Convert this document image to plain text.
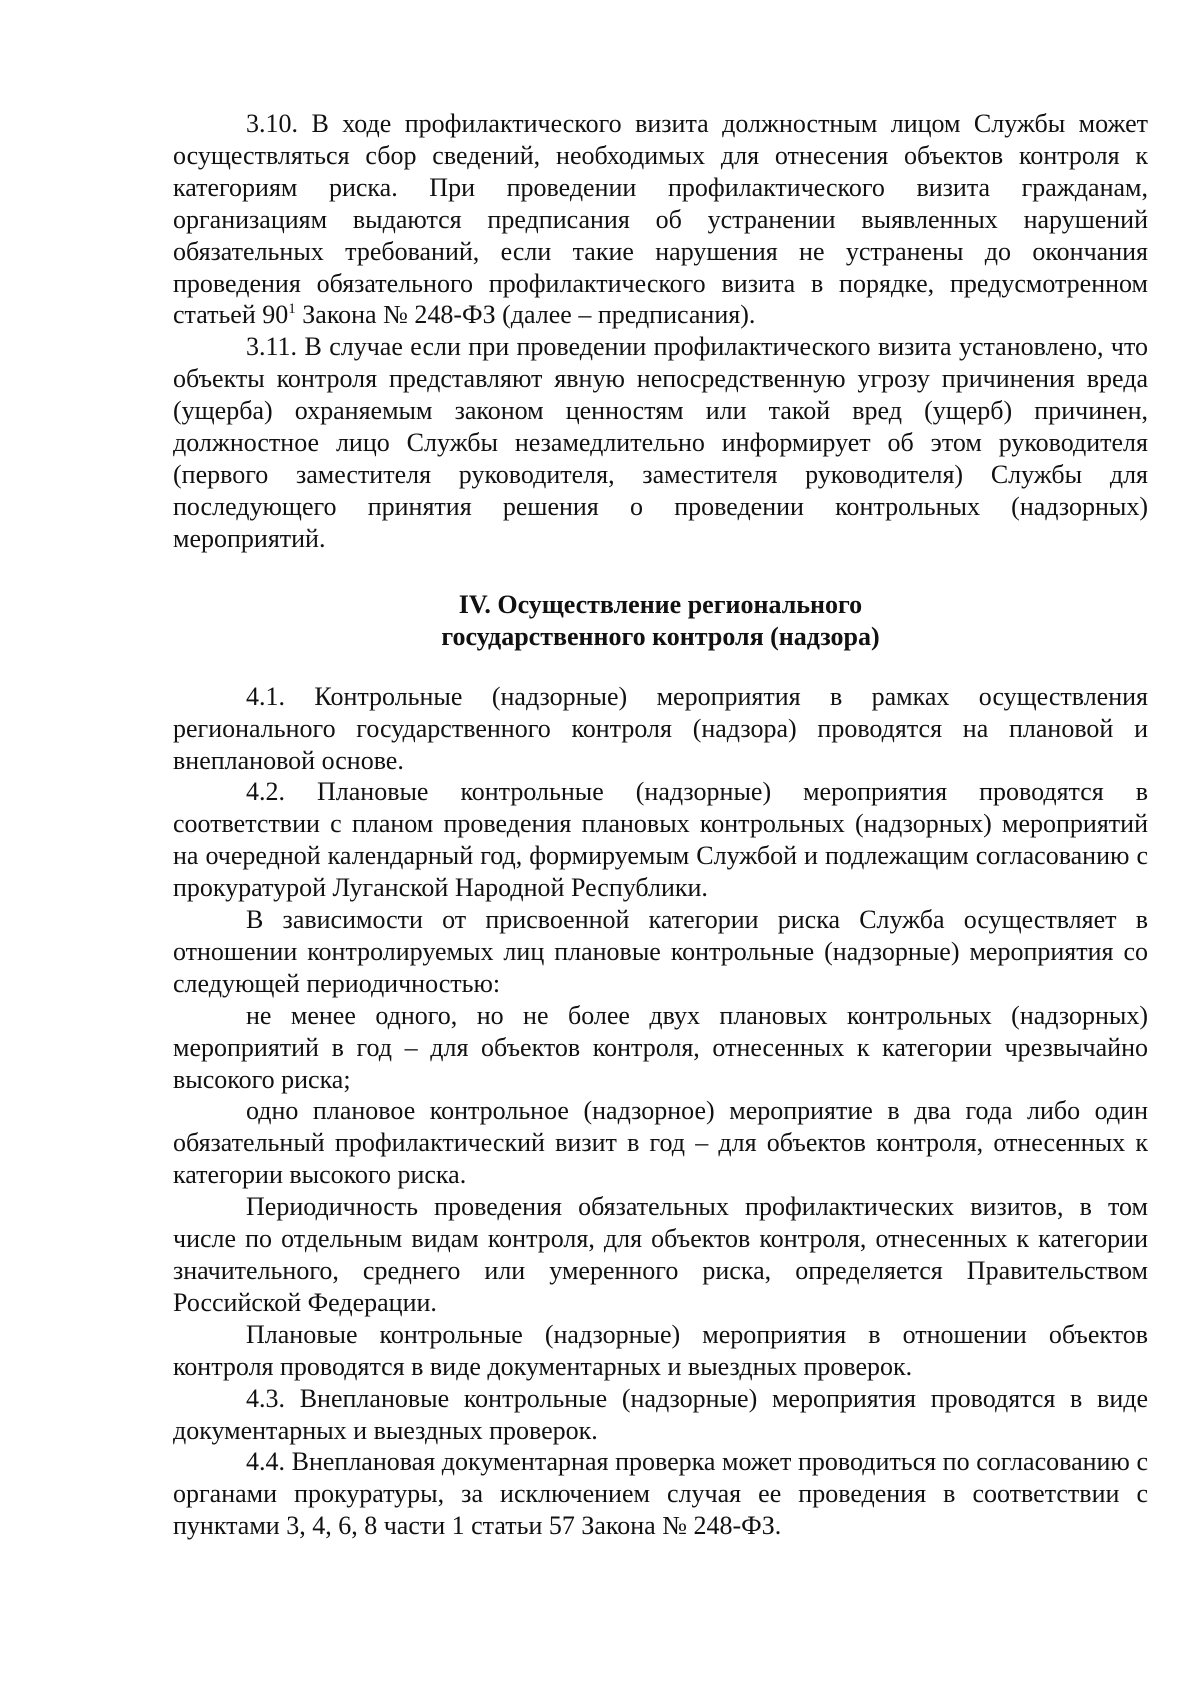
3.10. В ходе профилактического визита должностным лицом Службы может осуществляться сбор сведений, необходимых для отнесения объектов контроля к категориям риска. При проведении профилактического визита гражданам, организациям выдаются предписания об устранении выявленных нарушений обязательных требований, если такие нарушения не устранены до окончания проведения обязательного профилактического визита в порядке, предусмотренном статьей $90^1$ Закона № 248-ФЗ (далее – предписания).

3.11. В случае если при проведении профилактического визита установлено, что объекты контроля представляют явную непосредственную угрозу причинения вреда (ущерба) охраняемым законом ценностям или такой вред (ущерб) причинен, должностное лицо Службы незамедлительно информирует об этом руководителя (первого заместителя руководителя, заместителя руководителя) Службы для последующего принятия решения о проведении контрольных (надзорных) мероприятий.

IV. Осуществление регионального
государственного контроля (надзора)

4.1. Контрольные (надзорные) мероприятия в рамках осуществления регионального государственного контроля (надзора) проводятся на плановой и внеплановой основе.

4.2. Плановые контрольные (надзорные) мероприятия проводятся в соответствии с планом проведения плановых контрольных (надзорных) мероприятий на очередной календарный год, формируемым Службой и подлежащим согласованию с прокуратурой Луганской Народной Республики.

В зависимости от присвоенной категории риска Служба осуществляет в отношении контролируемых лиц плановые контрольные (надзорные) мероприятия со следующей периодичностью:

не менее одного, но не более двух плановых контрольных (надзорных) мероприятий в год – для объектов контроля, отнесенных к категории чрезвычайно высокого риска;

одно плановое контрольное (надзорное) мероприятие в два года либо один обязательный профилактический визит в год – для объектов контроля, отнесенных к категории высокого риска.

Периодичность проведения обязательных профилактических визитов, в том числе по отдельным видам контроля, для объектов контроля, отнесенных к категории значительного, среднего или умеренного риска, определяется Правительством Российской Федерации.

Плановые контрольные (надзорные) мероприятия в отношении объектов контроля проводятся в виде документарных и выездных проверок.

4.3. Внеплановые контрольные (надзорные) мероприятия проводятся в виде документарных и выездных проверок.

4.4. Внеплановая документарная проверка может проводиться по согласованию с органами прокуратуры, за исключением случая ее проведения в соответствии с пунктами 3, 4, 6, 8 части 1 статьи 57 Закона № 248-ФЗ.
